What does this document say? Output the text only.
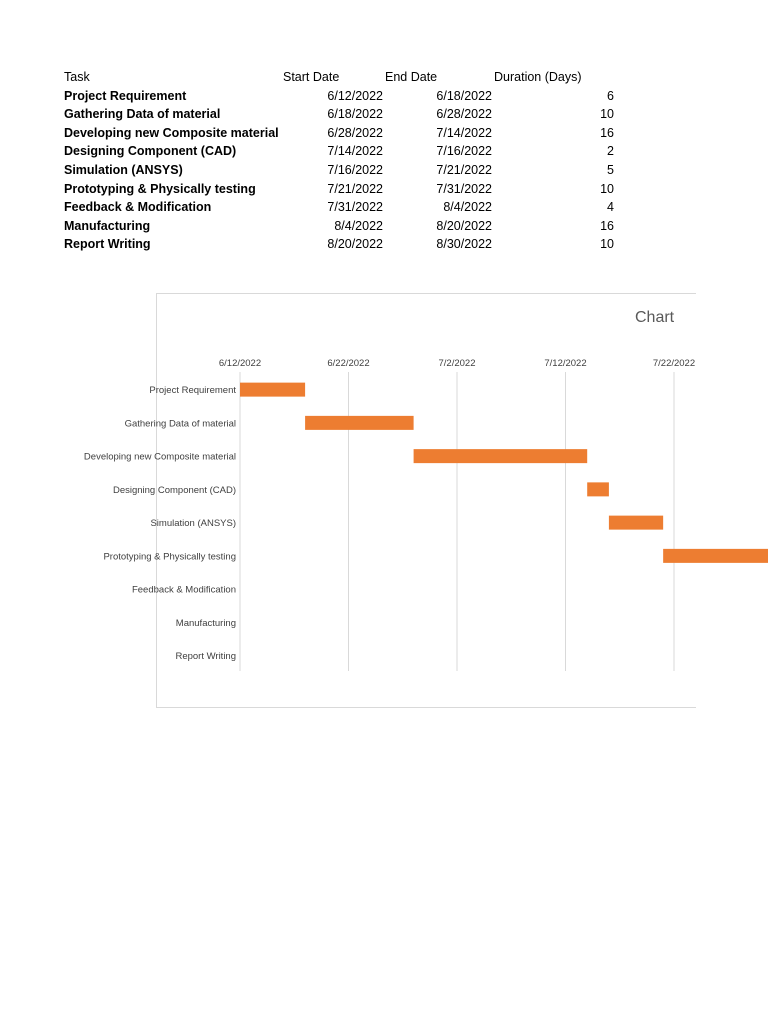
Task	Start Date	End Date	Duration (Days)
Project Requirement	6/12/2022	6/18/2022	6
Gathering Data of material	6/18/2022	6/28/2022	10
Developing new Composite material	6/28/2022	7/14/2022	16
Designing Component (CAD)	7/14/2022	7/16/2022	2
Simulation (ANSYS)	7/16/2022	7/21/2022	5
Prototyping & Physically testing	7/21/2022	7/31/2022	10
Feedback & Modification	7/31/2022	8/4/2022	4
Manufacturing	8/4/2022	8/20/2022	16
Report Writing	8/20/2022	8/30/2022	10
Chart
6/12/2022	6/22/2022	7/2/2022	7/12/2022	7/22/2022
Project Requirement
Gathering Data of material
Developing new Composite material
Designing Component (CAD)
Simulation (ANSYS)
Prototyping & Physically testing
Feedback & Modification
Manufacturing
Report Writing
